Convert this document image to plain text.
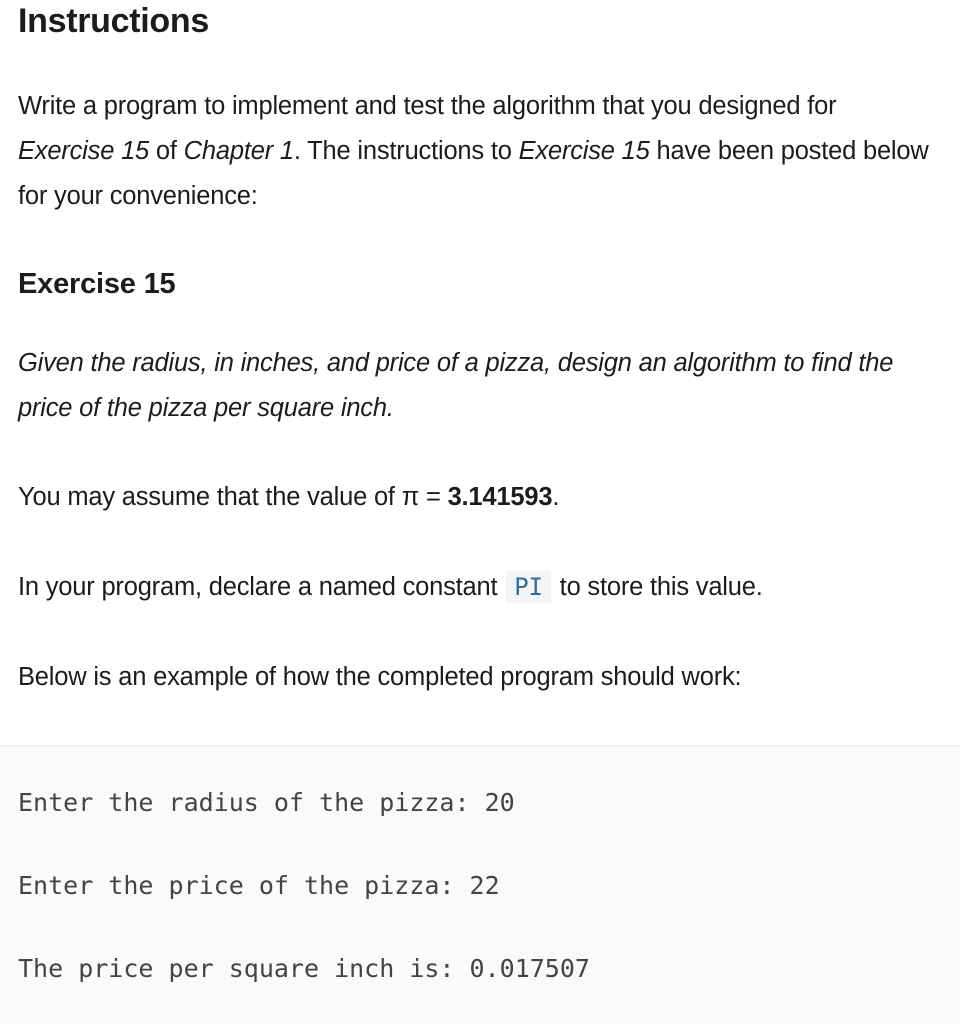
Instructions

Write a program to implement and test the algorithm that you designed for Exercise 15 of Chapter 1. The instructions to Exercise 15 have been posted below for your convenience:

Exercise 15

Given the radius, in inches, and price of a pizza, design an algorithm to find the price of the pizza per square inch.

You may assume that the value of π = 3.141593.

In your program, declare a named constant PI to store this value.

Below is an example of how the completed program should work:

Enter the radius of the pizza: 20

Enter the price of the pizza: 22

The price per square inch is: 0.017507
